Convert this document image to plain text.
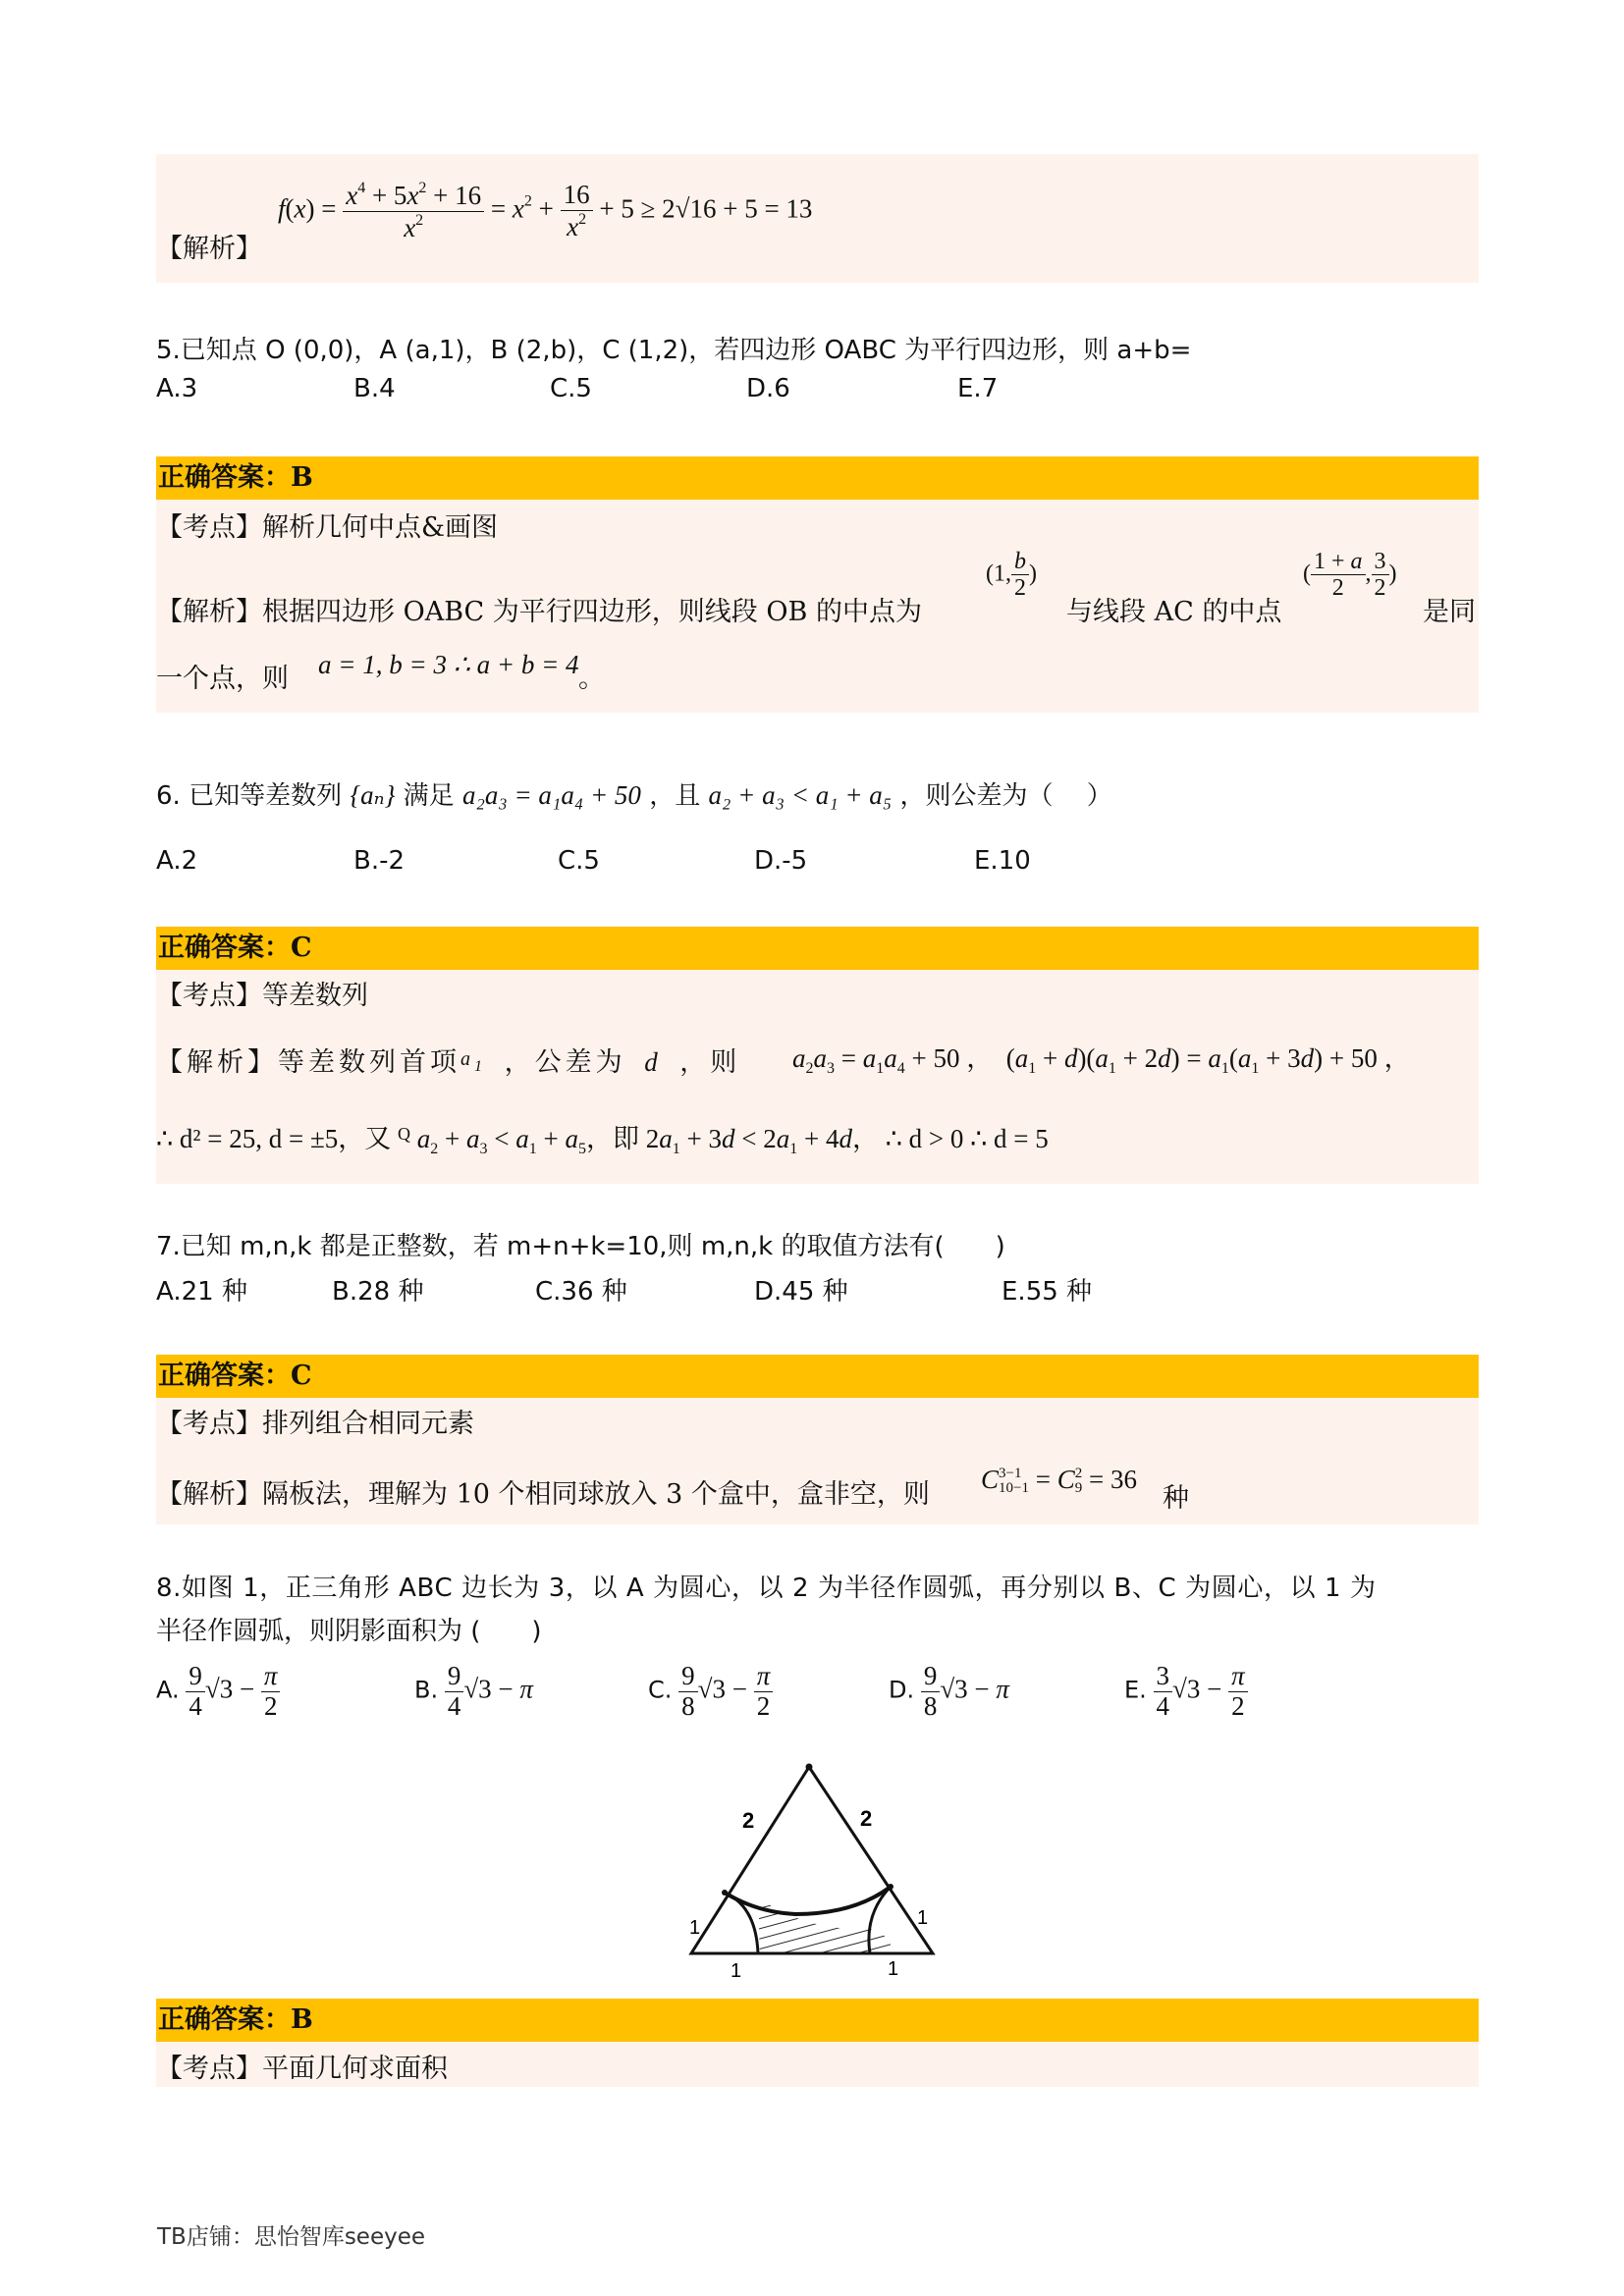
【解析】
$f(x) = \frac{x^4 + 5x^2 + 16}{x^2} = x^2 + \frac{16}{x^2} + 5 \ge 2√16 + 5 = 13$
5.已知点 O (0,0)，A (a,1)，B (2,b)，C (1,2)，若四边形 OABC 为平行四边形，则 a+b=
A.3	B.4	C.5	D.6	E.7
正确答案：B
【考点】解析几何中点&画图
【解析】根据四边形 OABC 为平行四边形，则线段 OB 的中点为
(1, $\frac{b}{2}$ )
与线段 AC 的中点
( $\frac{1 + a}{2}$ , $\frac{3}{2}$ )
是同
一个点，则 a = 1, b = 3 ∴ a + b = 4 。
6. 已知等差数列 {aₙ} 满足 a₂a₃ = a₁a₄ + 50 ，且 a₂ + a₃ < a₁ + a₅ ，则公差为（　 ）
A.2	B.-2	C.5	D.-5	E.10
正确答案：C
【考点】等差数列
【解析】等差数列首项$^{a_1}$ ，公差为 d ，则 $a_2a_3 = a_1a_4 + 50$ ，  $(a_1 + d)(a_1 + 2d) = a_1(a_1 + 3d) + 50$ ，
∴ d² = 25, d = ±5，又 $^Q$ $a_2 + a_3 < a_1 + a_5$，即 $2a_1 + 3d < 2a_1 + 4d$， ∴ d > 0 ∴ d = 5
7.已知 m,n,k 都是正整数，若 m+n+k=10,则 m,n,k 的取值方法有(　　)
A.21 种	B.28 种	C.36 种	D.45 种	E.55 种
正确答案：C
【考点】排列组合相同元素
【解析】隔板法，理解为 10 个相同球放入 3 个盒中，盒非空，则 C 3−1
10−1 = C 2
9 = 36
种
8.如图 1，正三角形 ABC 边长为 3，以 A 为圆心，以 2 为半径作圆弧，再分别以 B、C 为圆心，以 1 为
半径作圆弧，则阴影面积为 (　　)
A. $\frac{9}{4} √3 - \frac{\pi}{2}$	B. $\frac{9}{4} √3 - \pi$	C. $\frac{9}{8} √3 - \frac{\pi}{2}$	D. $\frac{9}{8} √3 - \pi$	E. $\frac{3}{4} √3 - \frac{\pi}{2}$
2	2
1	1
1	1
正确答案：B
【考点】平面几何求面积
TB店铺：思怡智库seeyee
